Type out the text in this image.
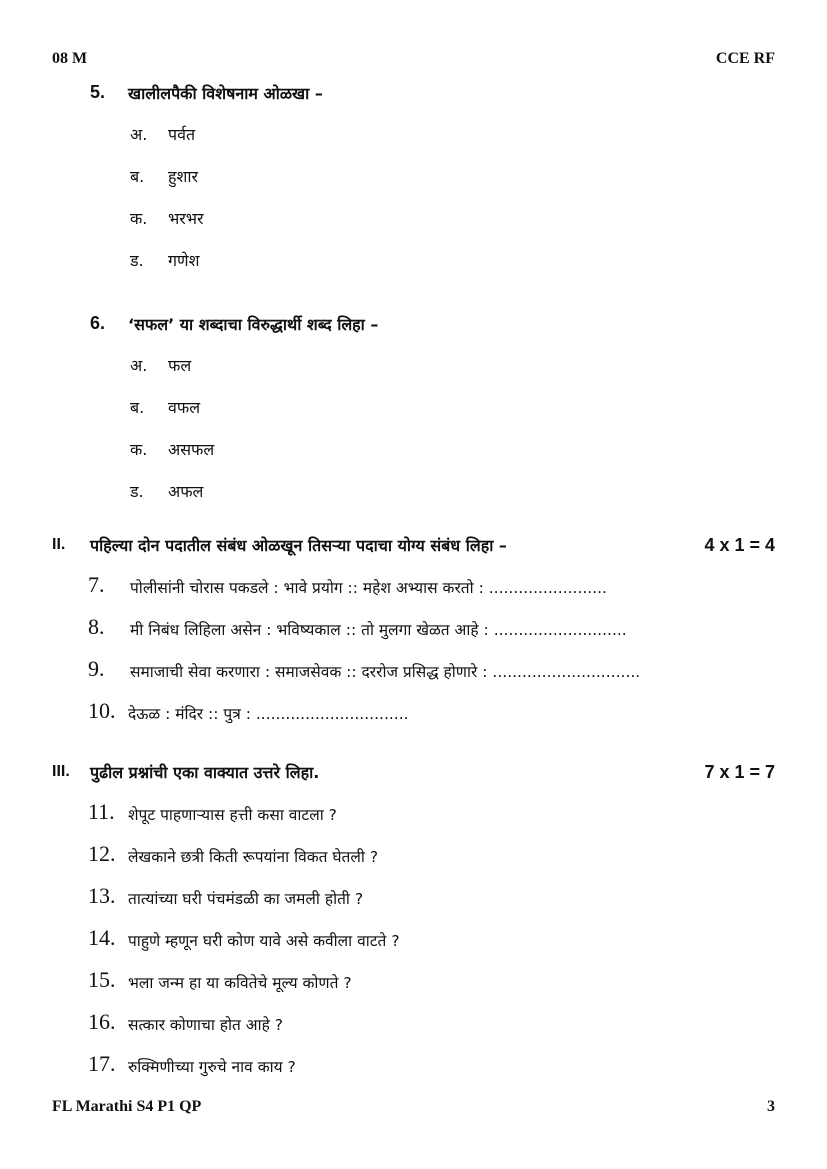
08 M	CCE RF
5. खालीलपैकी विशेषनाम ओळखा –
अ. पर्वत
ब. हुशार
क. भरभर
ड. गणेश
6. ‘सफल’ या शब्दाचा विरुद्धार्थी शब्द लिहा –
अ. फल
ब. वफल
क. असफल
ड. अफल
II. पहिल्या दोन पदातील संबंध ओळखून तिसऱ्या पदाचा योग्य संबंध लिहा –	4 x 1 = 4
7. पोलीसांनी चोरास पकडले : भावे प्रयोग :: महेश अभ्यास करतो : ........................
8. मी निबंध लिहिला असेन : भविष्यकाल :: तो मुलगा खेळत आहे : ...........................
9. समाजाची सेवा करणारा : समाजसेवक :: दररोज प्रसिद्ध होणारे : ..............................
10. देऊळ : मंदिर :: पुत्र : ...............................
III. पुढील प्रश्नांची एका वाक्यात उत्तरे लिहा.	7 x 1 = 7
11. शेपूट पाहणाऱ्यास हत्ती कसा वाटला ?
12. लेखकाने छत्री किती रूपयांना विकत घेतली ?
13. तात्यांच्या घरी पंचमंडळी का जमली होती ?
14. पाहुणे म्हणून घरी कोण यावे असे कवीला वाटते ?
15. भला जन्म हा या कवितेचे मूल्य कोणते ?
16. सत्कार कोणाचा होत आहे ?
17. रुक्मिणीच्या गुरुचे नाव काय ?
FL Marathi S4 P1 QP	3
